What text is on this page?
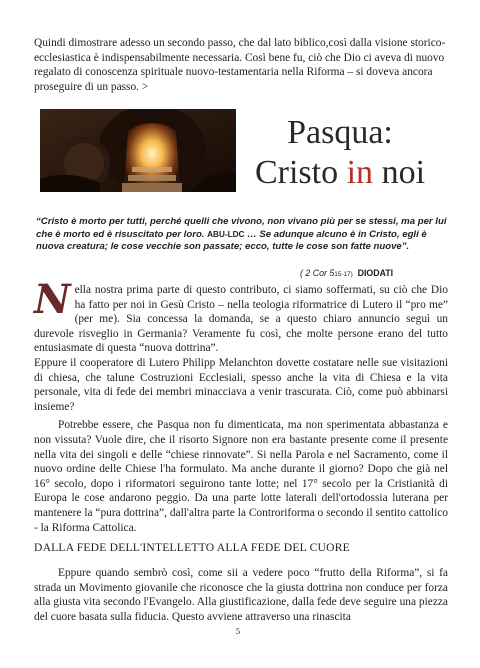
Quindi dimostrare adesso un secondo passo, che dal lato biblico,così dalla visione storico-ecclesiastica è indispensabilmente necessaria. Così bene fu, ciò che Dio ci aveva di nuovo regalato di conoscenza spirituale nuovo-testamentaria nella Riforma – si doveva ancora proseguire di un passo. >
Pasqua:
Cristo in noi
“Cristo è morto per tutti, perché quelli che vivono, non vivano più per se stessi, ma per lui che è morto ed è risuscitato per loro. ABU-LDC … Se adunque alcuno è in Cristo, egli è nuova creatura; le cose vecchie son passate; ecco, tutte le cose son fatte nuove”.
( 2 Cor 515-17) DIODATI

Nella nostra prima parte di questo contributo, ci siamo soffermati, su ciò che Dio ha fatto per noi in Gesù Cristo – nella teologia riformatrice di Lutero il “pro me” (per me). Sia concessa la domanda, se a questo chiaro annuncio seguì un durevole risveglio in Germania? Veramente fu così, che molte persone erano del tutto entusiasmate di questa “nuova dottrina”.

Eppure il cooperatore di Lutero Philipp Melanchton dovette costatare nelle sue visitazioni di chiesa, che talune Costruzioni Ecclesiali, spesso anche la vita di Chiesa e la vita personale, vita di fede dei membri minacciava a venir trascurata. Ciò, come può abbinarsi insieme?

Potrebbe essere, che Pasqua non fu dimenticata, ma non sperimentata abbastanza e non vissuta? Vuole dire, che il risorto Signore non era bastante presente come il presente nella vita dei singoli e delle “chiese rinnovate”. Si nella Parola e nel Sacramento, come il nuovo ordine delle Chiese l'ha formulato. Ma anche durante il giorno? Dopo che già nel 16° secolo, dopo i riformatori seguirono tante lotte; nel 17° secolo per la Cristianità di Europa le cose andarono peggio. Da una parte lotte laterali dell'ortodossia luterana per mantenere la “pura dottrina”, dall'altra parte la Controriforma o secondo il sentito cattolico - la Riforma Cattolica.

DALLA FEDE DELL'INTELLETTO ALLA FEDE DEL CUORE

Eppure quando sembrò così, come sii a vedere poco “frutto della Riforma”, si fa strada un Movimento giovanile che riconosce che la giusta dottrina non conduce per forza alla giusta vita secondo l'Evangelo. Alla giustificazione, dalla fede deve seguire una piezza del cuore basata sulla fiducia. Questo avviene attraverso una rinascita

5
